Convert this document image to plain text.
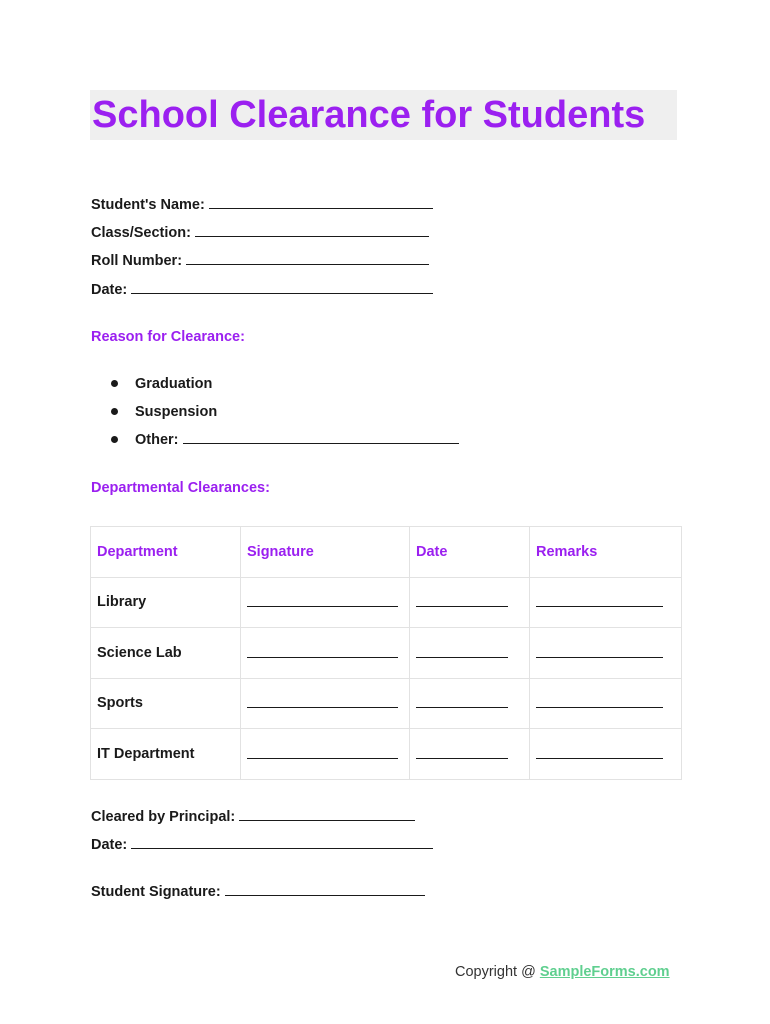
School Clearance for Students
Student's Name:
Class/Section:
Roll Number:
Date:
Reason for Clearance:
Graduation
Suspension
Other:
Departmental Clearances:
Department	Signature	Date	Remarks
Library			
Science Lab			
Sports			
IT Department			
Cleared by Principal:
Date:
Student Signature:
Copyright @ SampleForms.com
